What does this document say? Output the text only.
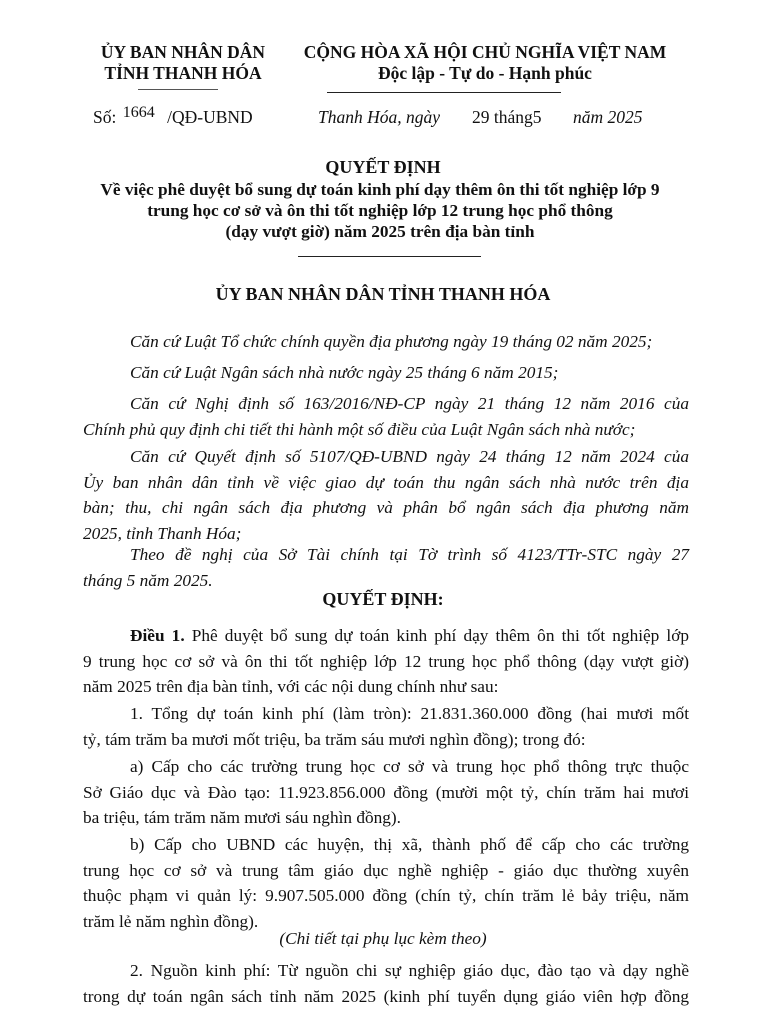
ỦY BAN NHÂN DÂN
TỈNH THANH HÓA
CỘNG HÒA XÃ HỘI CHỦ NGHĨA VIỆT NAM
Độc lập - Tự do - Hạnh phúc
Số: 1664 /QĐ-UBND	Thanh Hóa, ngày 29 tháng5 năm 2025
QUYẾT ĐỊNH
Về việc phê duyệt bổ sung dự toán kinh phí dạy thêm ôn thi tốt nghiệp lớp 9
trung học cơ sở và ôn thi tốt nghiệp lớp 12 trung học phổ thông
(dạy vượt giờ) năm 2025 trên địa bàn tỉnh
ỦY BAN NHÂN DÂN TỈNH THANH HÓA
Căn cứ Luật Tổ chức chính quyền địa phương ngày 19 tháng 02 năm 2025;
Căn cứ Luật Ngân sách nhà nước ngày 25 tháng 6 năm 2015;
Căn cứ Nghị định số 163/2016/NĐ-CP ngày 21 tháng 12 năm 2016 của
Chính phủ quy định chi tiết thi hành một số điều của Luật Ngân sách nhà nước;
Căn cứ Quyết định số 5107/QĐ-UBND ngày 24 tháng 12 năm 2024 của
Ủy ban nhân dân tỉnh về việc giao dự toán thu ngân sách nhà nước trên địa
bàn; thu, chi ngân sách địa phương và phân bổ ngân sách địa phương năm
2025, tỉnh Thanh Hóa;
Theo đề nghị của Sở Tài chính tại Tờ trình số 4123/TTr-STC ngày 27
tháng 5 năm 2025.
QUYẾT ĐỊNH:
Điều 1. Phê duyệt bổ sung dự toán kinh phí dạy thêm ôn thi tốt nghiệp lớp
9 trung học cơ sở và ôn thi tốt nghiệp lớp 12 trung học phổ thông (dạy vượt giờ)
năm 2025 trên địa bàn tỉnh, với các nội dung chính như sau:
1. Tổng dự toán kinh phí (làm tròn): 21.831.360.000 đồng (hai mươi mốt
tỷ, tám trăm ba mươi mốt triệu, ba trăm sáu mươi nghìn đồng); trong đó:
a) Cấp cho các trường trung học cơ sở và trung học phổ thông trực thuộc
Sở Giáo dục và Đào tạo: 11.923.856.000 đồng (mười một tỷ, chín trăm hai mươi
ba triệu, tám trăm năm mươi sáu nghìn đồng).
b) Cấp cho UBND các huyện, thị xã, thành phố để cấp cho các trường
trung học cơ sở và trung tâm giáo dục nghề nghiệp - giáo dục thường xuyên
thuộc phạm vi quản lý: 9.907.505.000 đồng (chín tỷ, chín trăm lẻ bảy triệu, năm
trăm lẻ năm nghìn đồng).
(Chi tiết tại phụ lục kèm theo)
2. Nguồn kinh phí: Từ nguồn chi sự nghiệp giáo dục, đào tạo và dạy nghề
trong dự toán ngân sách tỉnh năm 2025 (kinh phí tuyển dụng giáo viên hợp đồng
